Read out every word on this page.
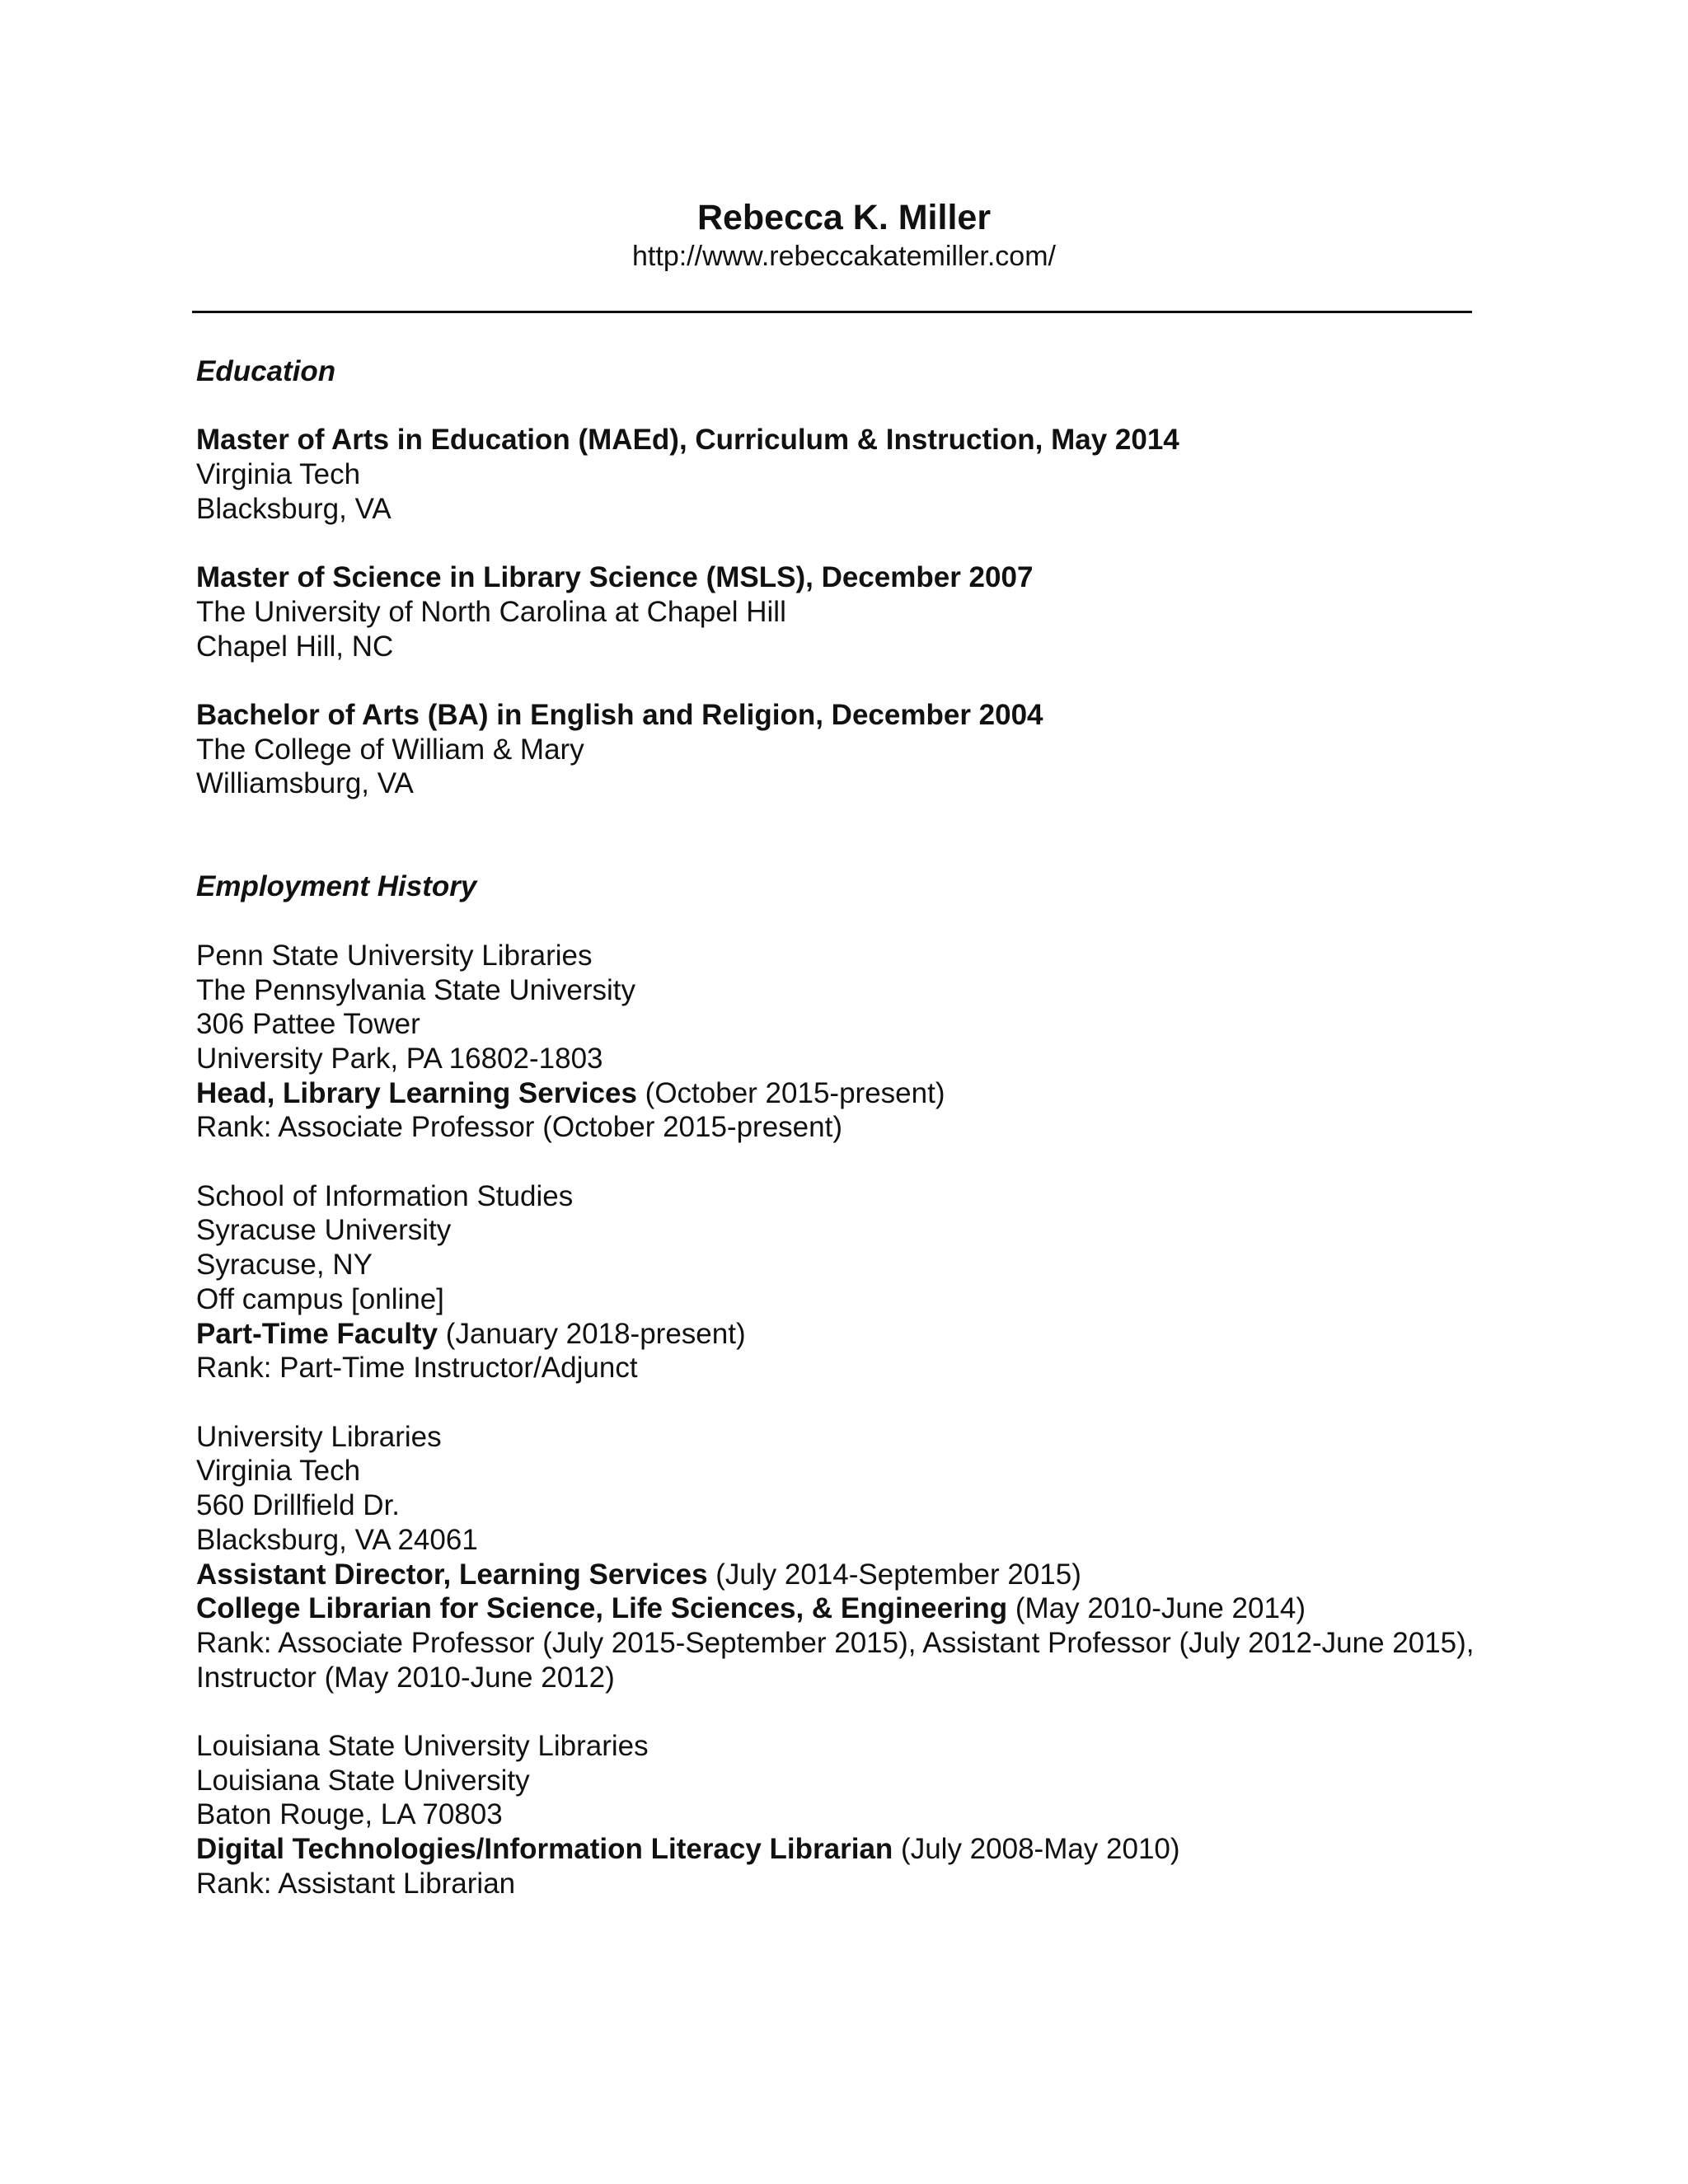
Rebecca K. Miller

http://www.rebeccakatemiller.com/

Education
Master of Arts in Education (MAEd), Curriculum & Instruction, May 2014
Virginia Tech
Blacksburg, VA
Master of Science in Library Science (MSLS), December 2007
The University of North Carolina at Chapel Hill
Chapel Hill, NC
Bachelor of Arts (BA) in English and Religion, December 2004
The College of William & Mary
Williamsburg, VA
Employment History
Penn State University Libraries
The Pennsylvania State University
306 Pattee Tower
University Park, PA 16802-1803
Head, Library Learning Services (October 2015-present)
Rank: Associate Professor (October 2015-present)
School of Information Studies
Syracuse University
Syracuse, NY
Off campus [online]
Part-Time Faculty (January 2018-present)
Rank: Part-Time Instructor/Adjunct
University Libraries
Virginia Tech
560 Drillfield Dr.
Blacksburg, VA 24061
Assistant Director, Learning Services (July 2014-September 2015)
College Librarian for Science, Life Sciences, & Engineering (May 2010-June 2014)
Rank: Associate Professor (July 2015-September 2015), Assistant Professor (July 2012-June 2015), Instructor (May 2010-June 2012)
Louisiana State University Libraries
Louisiana State University
Baton Rouge, LA 70803
Digital Technologies/Information Literacy Librarian (July 2008-May 2010)
Rank: Assistant Librarian
